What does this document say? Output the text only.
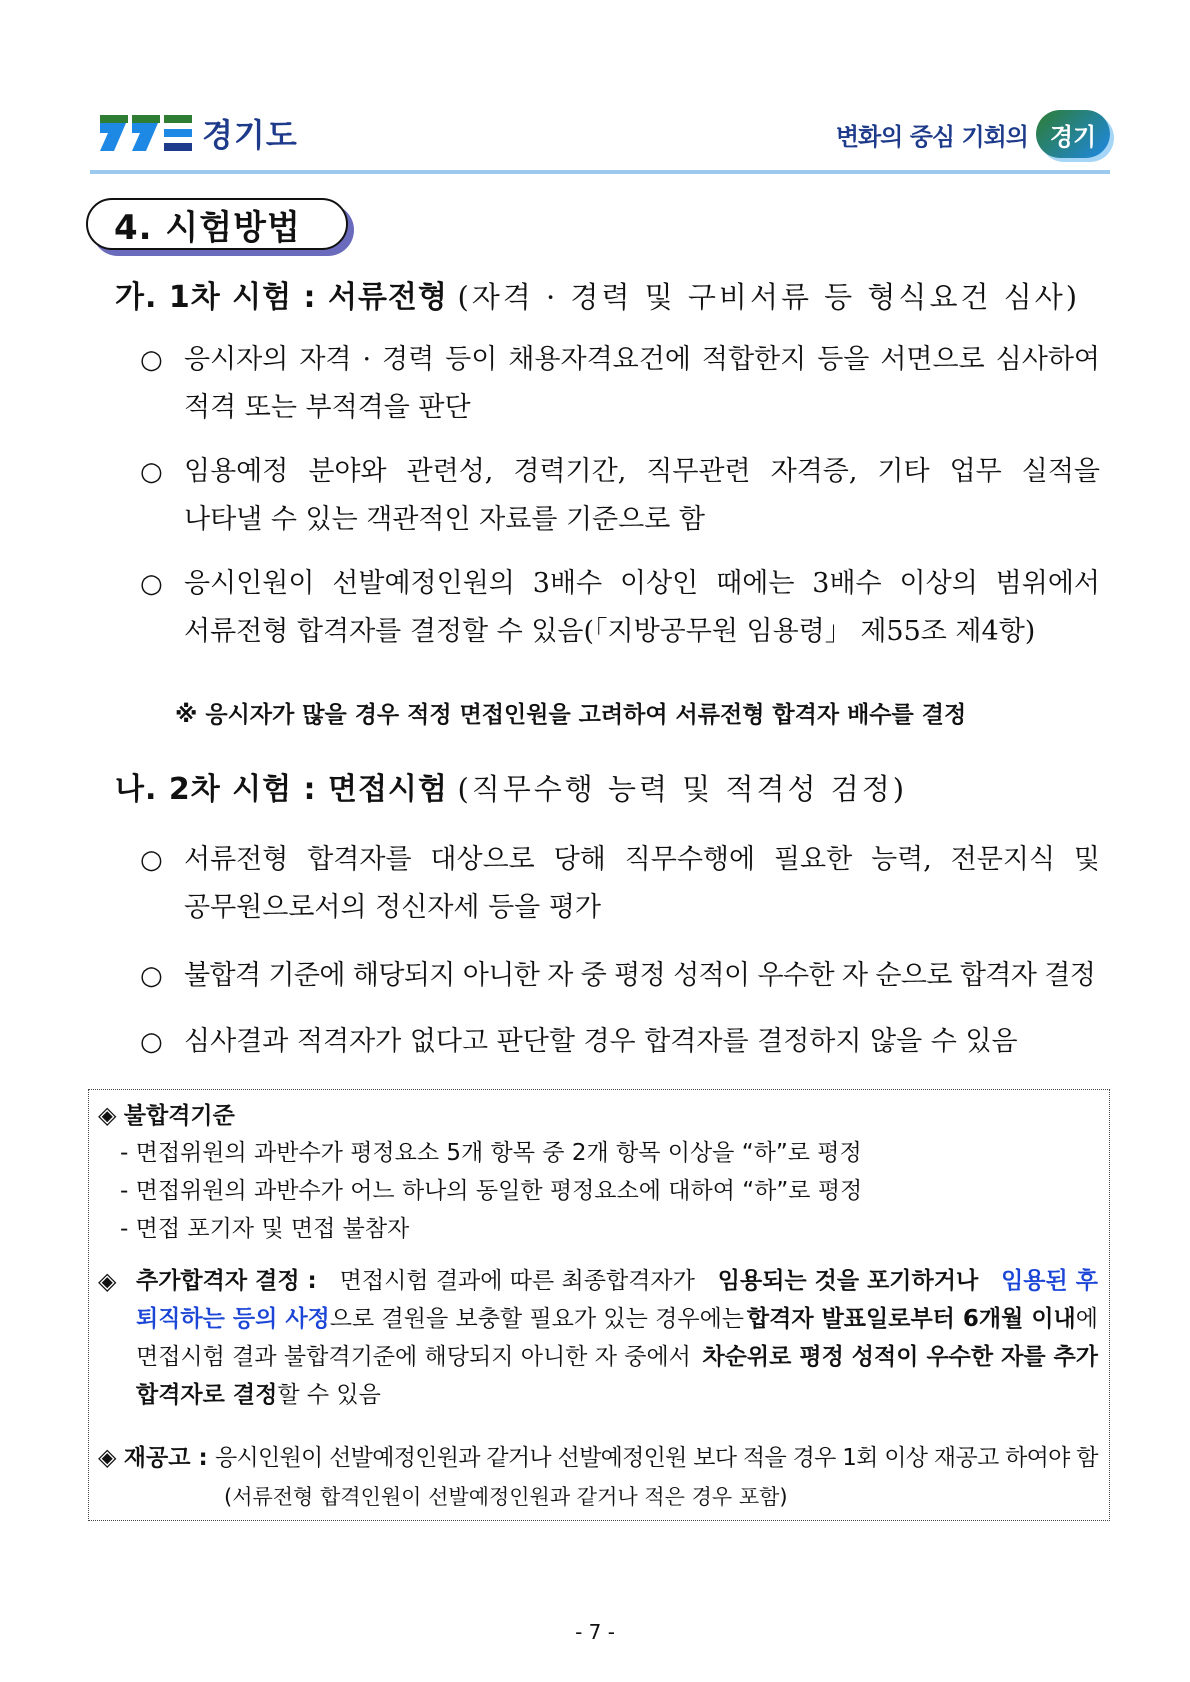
경기도	변화의 중심 기회의 경기
4. 시험방법
가. 1차 시험 : 서류전형 (자격 · 경력 및 구비서류 등 형식요건 심사)
○ 응시자의 자격 · 경력 등이 채용자격요건에 적합한지 등을 서면으로 심사하여
적격 또는 부적격을 판단
○ 임용예정 분야와 관련성, 경력기간, 직무관련 자격증, 기타 업무 실적을
나타낼 수 있는 객관적인 자료를 기준으로 함
○ 응시인원이 선발예정인원의 3배수 이상인 때에는 3배수 이상의 범위에서
서류전형 합격자를 결정할 수 있음(「지방공무원 임용령」 제55조 제4항)
※ 응시자가 많을 경우 적정 면접인원을 고려하여 서류전형 합격자 배수를 결정
나. 2차 시험 : 면접시험 (직무수행 능력 및 적격성 검정)
○ 서류전형 합격자를 대상으로 당해 직무수행에 필요한 능력, 전문지식 및
공무원으로서의 정신자세 등을 평가
○ 불합격 기준에 해당되지 아니한 자 중 평정 성적이 우수한 자 순으로 합격자 결정
○ 심사결과 적격자가 없다고 판단할 경우 합격자를 결정하지 않을 수 있음
◈ 불합격기준
- 면접위원의 과반수가 평정요소 5개 항목 중 2개 항목 이상을 “하”로 평정
- 면접위원의 과반수가 어느 하나의 동일한 평정요소에 대하여 “하”로 평정
- 면접 포기자 및 면접 불참자
◈ 추가합격자 결정 : 면접시험 결과에 따른 최종합격자가 임용되는 것을 포기하거나 임용된 후
퇴직하는 등의 사정으로 결원을 보충할 필요가 있는 경우에는 합격자 발표일로부터 6개월 이내에
면접시험 결과 불합격기준에 해당되지 아니한 자 중에서 차순위로 평정 성적이 우수한 자를 추가
합격자로 결정할 수 있음
◈ 재공고 : 응시인원이 선발예정인원과 같거나 선발예정인원 보다 적을 경우 1회 이상 재공고 하여야 함
(서류전형 합격인원이 선발예정인원과 같거나 적은 경우 포함)
- 7 -
